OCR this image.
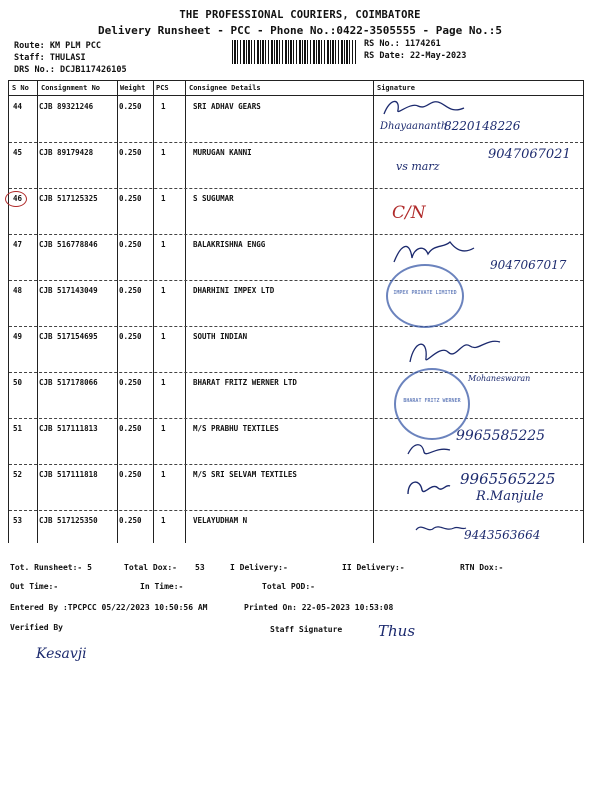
THE PROFESSIONAL COURIERS, COIMBATORE
Delivery Runsheet - PCC - Phone No.:0422-3505555 - Page No.:5
Route: KM PLM PCC
Staff: THULASI
DRS No.: DCJB117426105
RS No.: 1174261
RS Date: 22-May-2023
S No Consignment No	Weight PCS	Consignee Details	Signature
44 CJB 89321246	0.250	1	SRI ADHAV GEARS
45 CJB 89179428	0.250	1	MURUGAN KANNI
46 CJB 517125325	0.250	1	S SUGUMAR
47 CJB 516778846	0.250	1	BALAKRISHNA ENGG
48 CJB 517143049	0.250	1	DHARHINI IMPEX LTD
49 CJB 517154695	0.250	1	SOUTH INDIAN
50 CJB 517178066	0.250	1	BHARAT FRITZ WERNER LTD
51 CJB 517111813	0.250	1	M/S PRABHU TEXTILES
52 CJB 517111818	0.250	1	M/S SRI SELVAM TEXTILES
53 CJB 517125350	0.250	1	VELAYUDHAM N
Dhayaananth
8220148226
9047067021
vs marz
C/N
9047067017
IMPEX PRIVATE LIMITED
BHARAT FRITZ WERNER
Mohaneswaran
9965585225
9965565225
R.Manjule
9443563664
Tot. Runsheet:- 5	Total Dox:- 53	I Delivery:-	II Delivery:-	RTN Dox:-
Out Time:-	In Time:-	Total POD:-
Entered By :TPCPCC 05/22/2023 10:50:56 AM	Printed On: 22-05-2023 10:53:08
Verified By	Staff Signature
Kesavji
Thus
